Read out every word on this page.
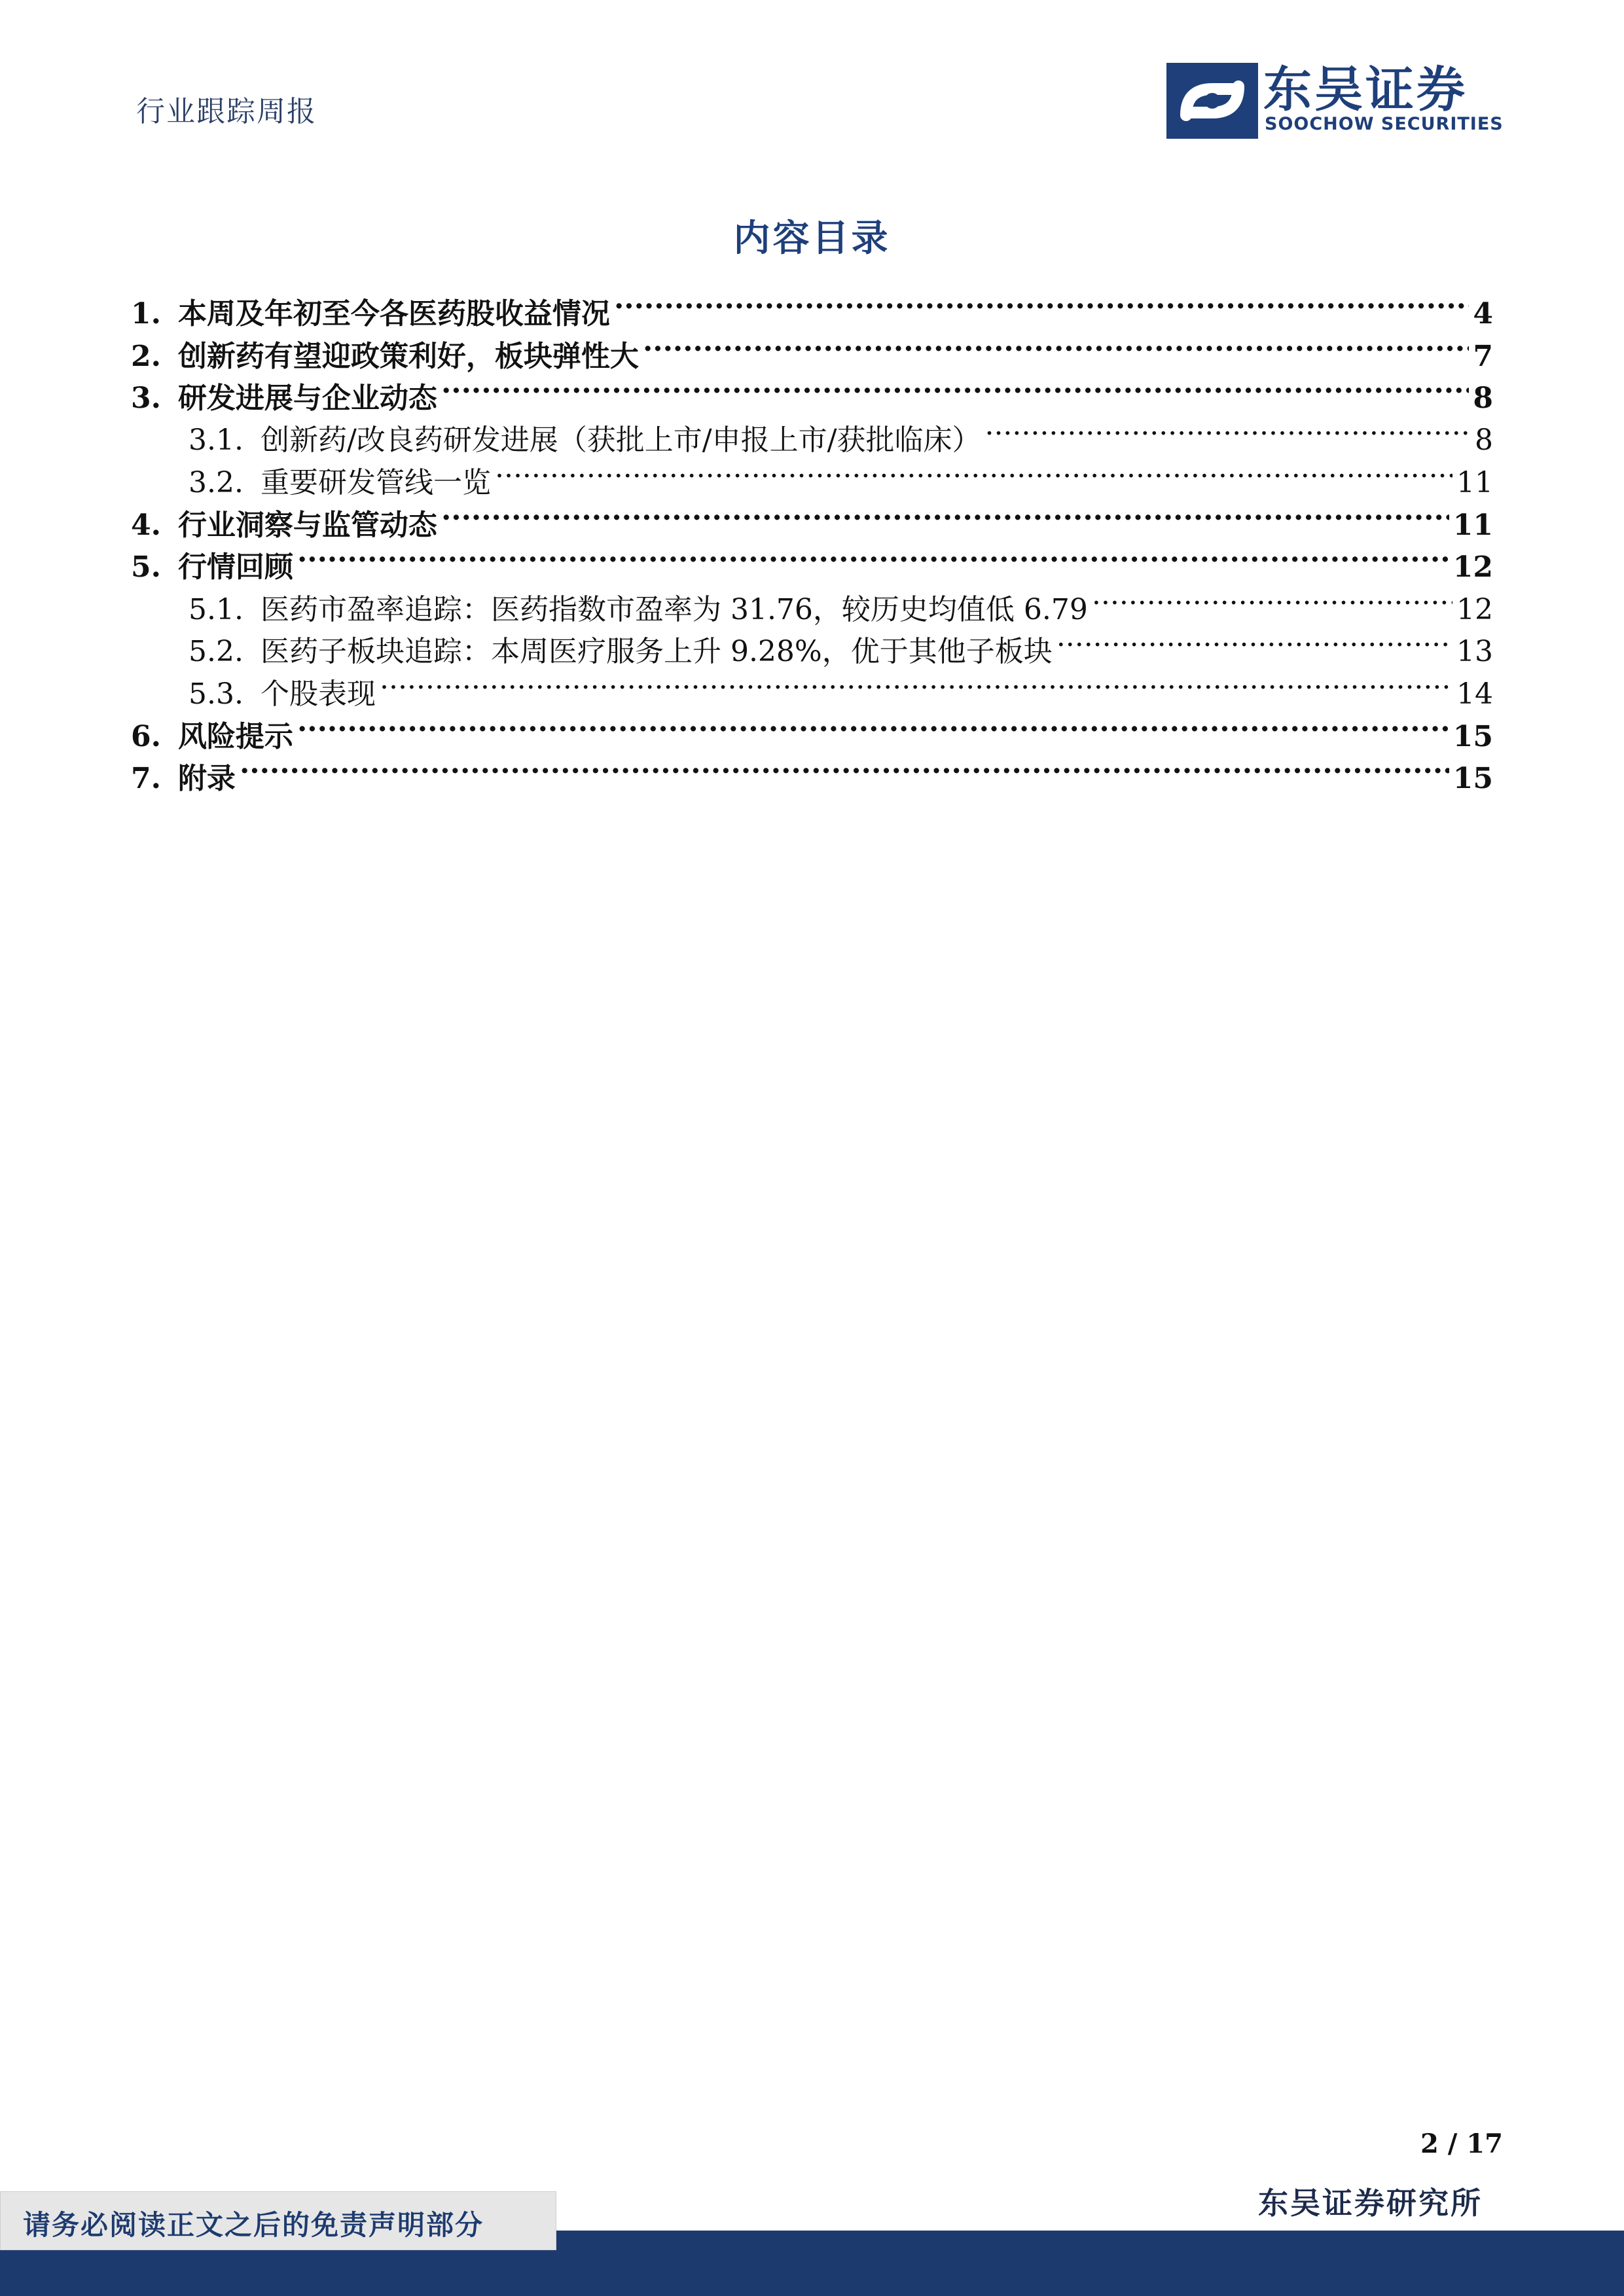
行业跟踪周报	东吴证券
SOOCHOW SECURITIES
内容目录
1. 本周及年初至今各医药股收益情况 .....	4
2. 创新药有望迎政策利好，板块弹性大 .....	7
3. 研发进展与企业动态 .....	8
3.1. 创新药/改良药研发进展（获批上市/申报上市/获批临床） .....	8
3.2. 重要研发管线一览 .....	11
4. 行业洞察与监管动态 .....	11
5. 行情回顾 .....	12
5.1. 医药市盈率追踪：医药指数市盈率为 31.76，较历史均值低 6.79 .....	12
5.2. 医药子板块追踪：本周医疗服务上升 9.28%，优于其他子板块 .....	13
5.3. 个股表现 .....	14
6. 风险提示 .....	15
7. 附录 .....	15
2 / 17
东吴证券研究所
请务必阅读正文之后的免责声明部分
